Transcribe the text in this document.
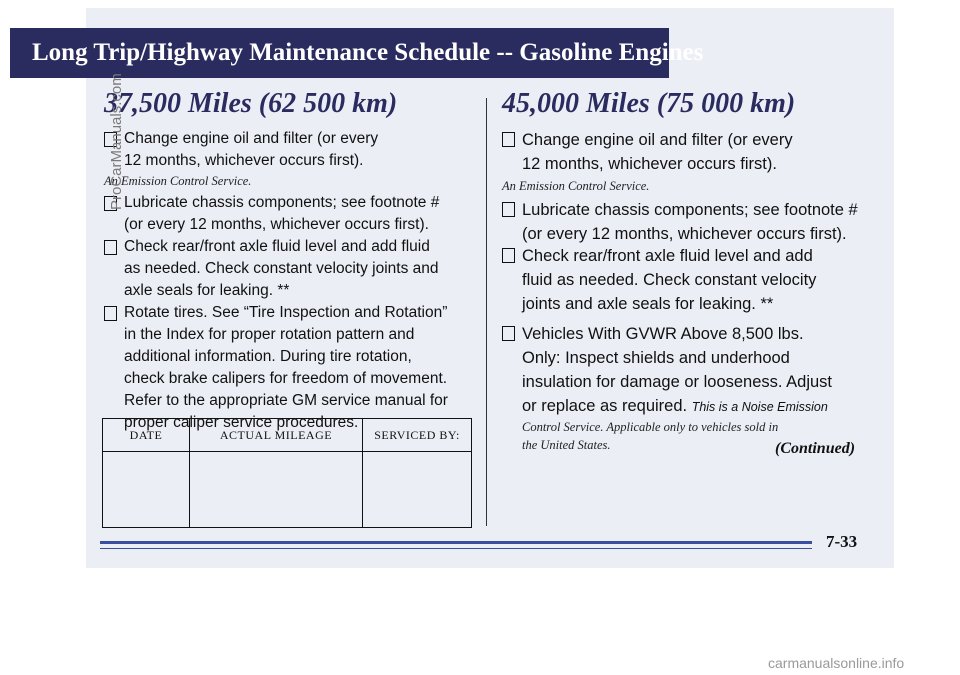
Long Trip/Highway Maintenance Schedule -- Gasoline Engines
37,500 Miles (62 500 km)
Change engine oil and filter (or every
12 months, whichever occurs first).
An Emission Control Service.
Lubricate chassis components; see footnote #
(or every 12 months, whichever occurs first).
Check rear/front axle fluid level and add fluid
as needed. Check constant velocity joints and
axle seals for leaking. **
Rotate tires. See “Tire Inspection and Rotation”
in the Index for proper rotation pattern and
additional information. During tire rotation,
check brake calipers for freedom of movement.
Refer to the appropriate GM service manual for
proper caliper service procedures.
DATE	ACTUAL MILEAGE	SERVICED BY:

45,000 Miles (75 000 km)
Change engine oil and filter (or every
12 months, whichever occurs first).
An Emission Control Service.
Lubricate chassis components; see footnote #
(or every 12 months, whichever occurs first).
Check rear/front axle fluid level and add
fluid as needed. Check constant velocity
joints and axle seals for leaking. **
Vehicles With GVWR Above 8,500 lbs.
Only: Inspect shields and underhood
insulation for damage or looseness. Adjust
or replace as required. This is a Noise Emission
Control Service. Applicable only to vehicles sold in
the United States.	(Continued)
7-33
ProCarManuals.com
carmanualsonline.info
